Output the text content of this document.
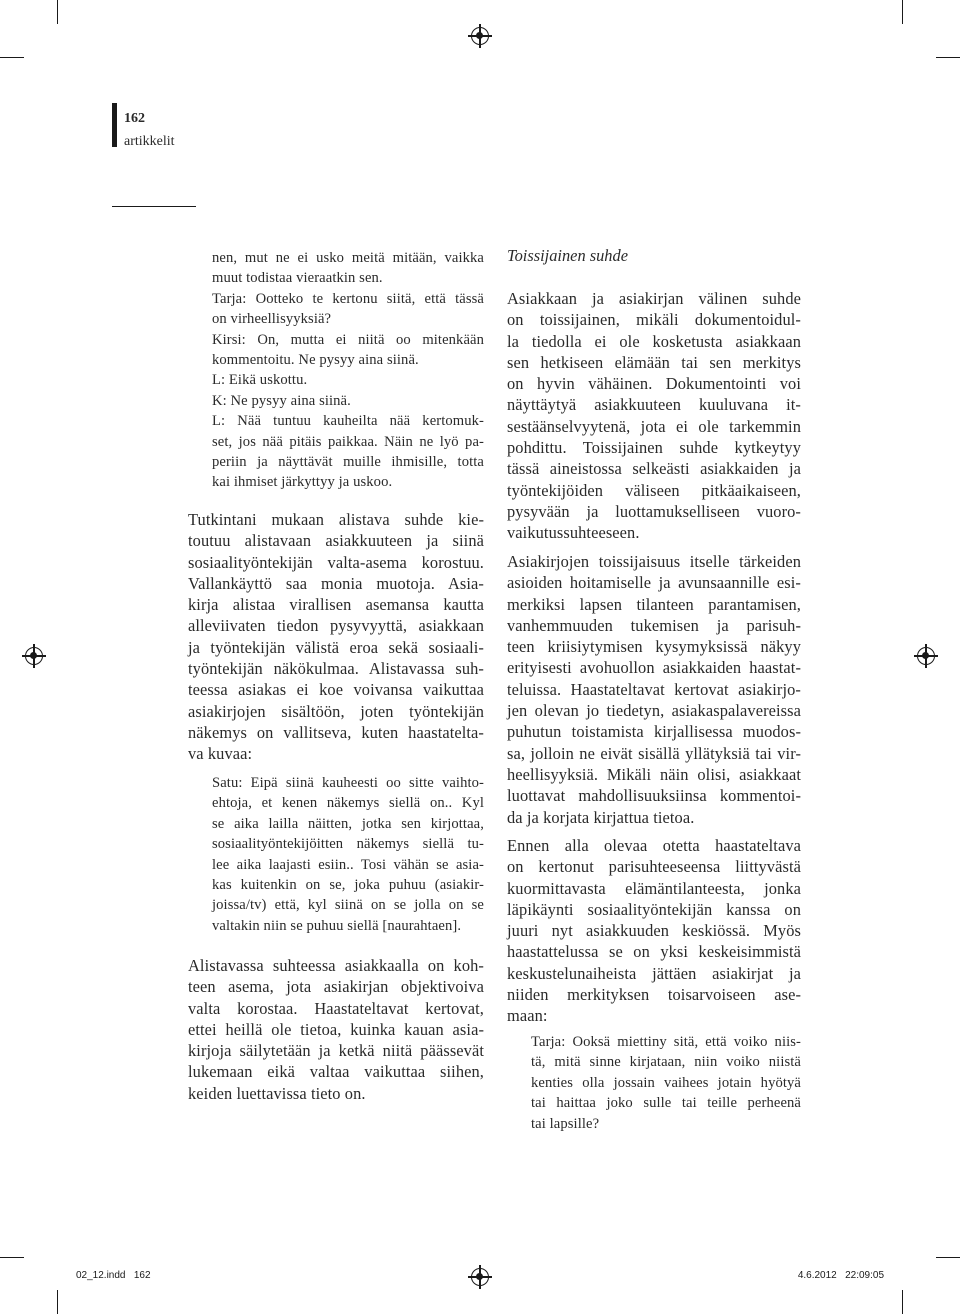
162
artikkelit
nen, mut ne ei usko meitä mitään, vaikka
muut todistaa vieraatkin sen.
Tarja: Ootteko te kertonu siitä, että tässä
on virheellisyyksiä?
Kirsi: On, mutta ei niitä oo mitenkään
kommentoitu. Ne pysyy aina siinä.
L: Eikä uskottu.
K: Ne pysyy aina siinä.
L: Nää tuntuu kauheilta nää kertomuk-
set, jos nää pitäis paikkaa. Näin ne lyö pa-
periin ja näyttävät muille ihmisille, totta
kai ihmiset järkyttyy ja uskoo.
Tutkintani mukaan alistava suhde kie-
toutuu alistavaan asiakkuuteen ja siinä
sosiaalityöntekijän valta-asema korostuu.
Vallankäyttö saa monia muotoja. Asia-
kirja alistaa virallisen asemansa kautta
alleviivaten tiedon pysyvyyttä, asiakkaan
ja työntekijän välistä eroa sekä sosiaali-
työntekijän näkökulmaa. Alistavassa suh-
teessa asiakas ei koe voivansa vaikuttaa
asiakirjojen sisältöön, joten työntekijän
näkemys on vallitseva, kuten haastatelta-
va kuvaa:
Satu: Eipä siinä kauheesti oo sitte vaihto-
ehtoja, et kenen näkemys siellä on.. Kyl
se aika lailla näitten, jotka sen kirjottaa,
sosiaalityöntekijöitten näkemys siellä tu-
lee aika laajasti esiin.. Tosi vähän se asia-
kas kuitenkin on se, joka puhuu (asiakir-
joissa/tv) että, kyl siinä on se jolla on se
valtakin niin se puhuu siellä [naurahtaen].
Alistavassa suhteessa asiakkaalla on koh-
teen asema, jota asiakirjan objektivoiva
valta korostaa. Haastateltavat kertovat,
ettei heillä ole tietoa, kuinka kauan asia-
kirjoja säilytetään ja ketkä niitä päässevät
lukemaan eikä valtaa vaikuttaa siihen,
keiden luettavissa tieto on.
Toissijainen suhde
Asiakkaan ja asiakirjan välinen suhde
on toissijainen, mikäli dokumentoidul-
la tiedolla ei ole kosketusta asiakkaan
sen hetkiseen elämään tai sen merkitys
on hyvin vähäinen. Dokumentointi voi
näyttäytyä asiakkuuteen kuuluvana it-
sestäänselvyytenä, jota ei ole tarkemmin
pohdittu. Toissijainen suhde kytkeytyy
tässä aineistossa selkeästi asiakkaiden ja
työntekijöiden väliseen pitkäaikaiseen,
pysyvään ja luottamukselliseen vuoro-
vaikutussuhteeseen.
Asiakirjojen toissijaisuus itselle tärkeiden
asioiden hoitamiselle ja avunsaannille esi-
merkiksi lapsen tilanteen parantamisen,
vanhemmuuden tukemisen ja parisuh-
teen kriisiytymisen kysymyksissä näkyy
erityisesti avohuollon asiakkaiden haastat-
teluissa. Haastateltavat kertovat asiakirjo-
jen olevan jo tiedetyn, asiakaspalavereissa
puhutun toistamista kirjallisessa muodos-
sa, jolloin ne eivät sisällä yllätyksiä tai vir-
heellisyyksiä. Mikäli näin olisi, asiakkaat
luottavat mahdollisuuksiinsa kommentoi-
da ja korjata kirjattua tietoa.
Ennen alla olevaa otetta haastateltava
on kertonut parisuhteeseensa liittyvästä
kuormittavasta elämäntilanteesta, jonka
läpikäynti sosiaalityöntekijän kanssa on
juuri nyt asiakkuuden keskiössä. Myös
haastattelussa se on yksi keskeisimmistä
keskustelunaiheista jättäen asiakirjat ja
niiden merkityksen toisarvoiseen ase-
maan:
Tarja: Ooksä miettiny sitä, että voiko niis-
tä, mitä sinne kirjataan, niin voiko niistä
kenties olla jossain vaihees jotain hyötyä
tai haittaa joko sulle tai teille perheenä
tai lapsille?
02_12.indd   162	4.6.2012   22:09:05
